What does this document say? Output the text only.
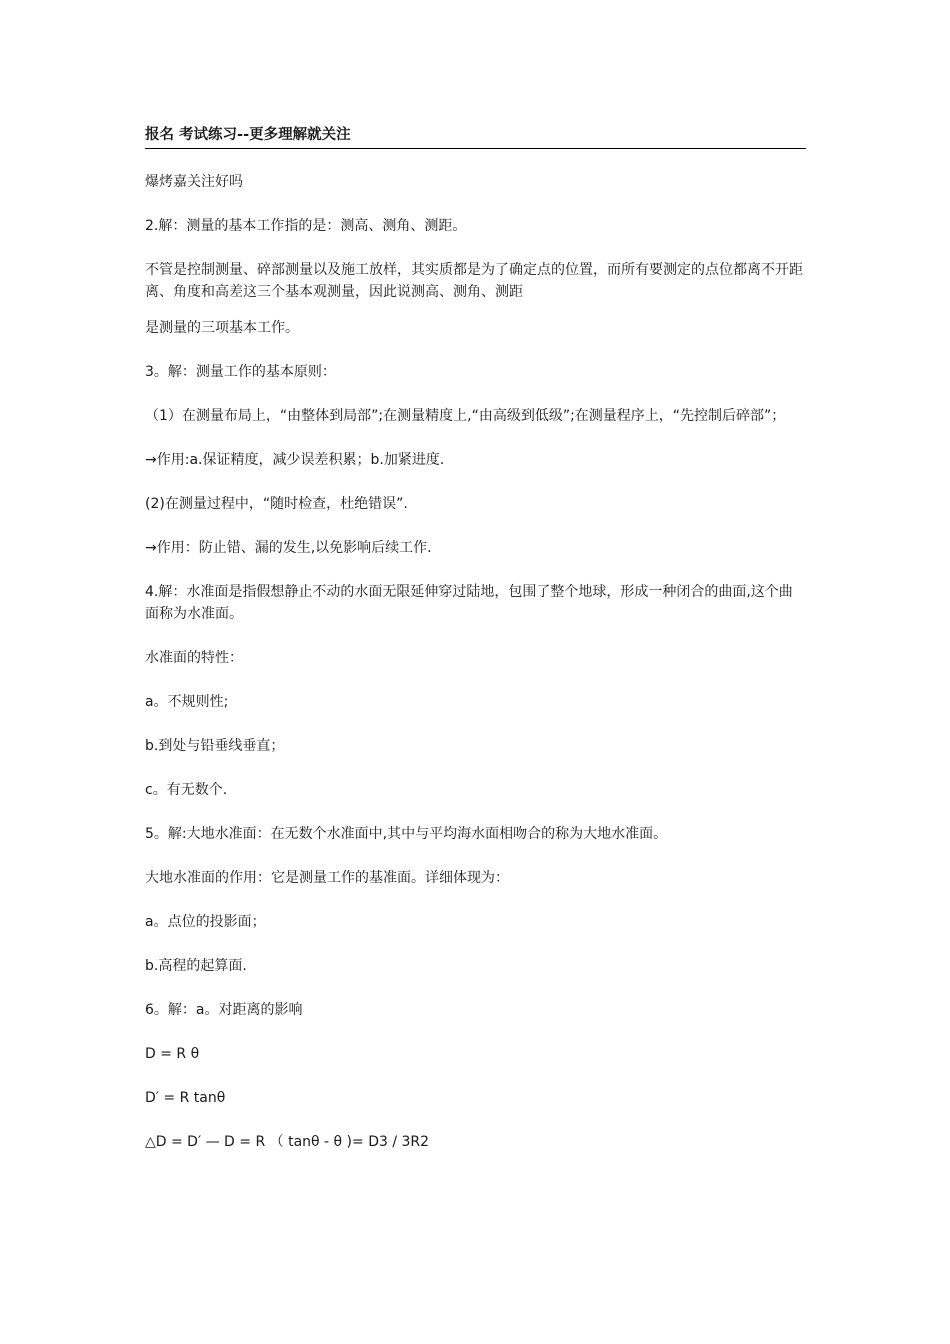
报名 考试练习--更多理解就关注
爆烤嘉关注好吗
2.解：测量的基本工作指的是：测高、测角、测距。
不管是控制测量、碎部测量以及施工放样，其实质都是为了确定点的位置，而所有要测定的点位都离不开距离、角度和高差这三个基本观测量，因此说测高、测角、测距
是测量的三项基本工作。
3。解：测量工作的基本原则：
（1）在测量布局上，“由整体到局部”;在测量精度上,“由高级到低级”;在测量程序上，“先控制后碎部”；
→作用:a.保证精度，减少误差积累；b.加紧进度.
(2)在测量过程中，“随时检查，杜绝错误”.
→作用：防止错、漏的发生,以免影响后续工作.
4.解：水准面是指假想静止不动的水面无限延伸穿过陆地，包围了整个地球，形成一种闭合的曲面,这个曲面称为水准面。
水准面的特性：
a。不规则性;
b.到处与铅垂线垂直；
c。有无数个.
5。解:大地水准面：在无数个水准面中,其中与平均海水面相吻合的称为大地水准面。
大地水准面的作用：它是测量工作的基准面。详细体现为：
a。点位的投影面；
b.高程的起算面.
6。解：a。对距离的影响
D = R θ
D′ = R tanθ
△D = D′ — D = R （ tanθ - θ )= D3 / 3R2
